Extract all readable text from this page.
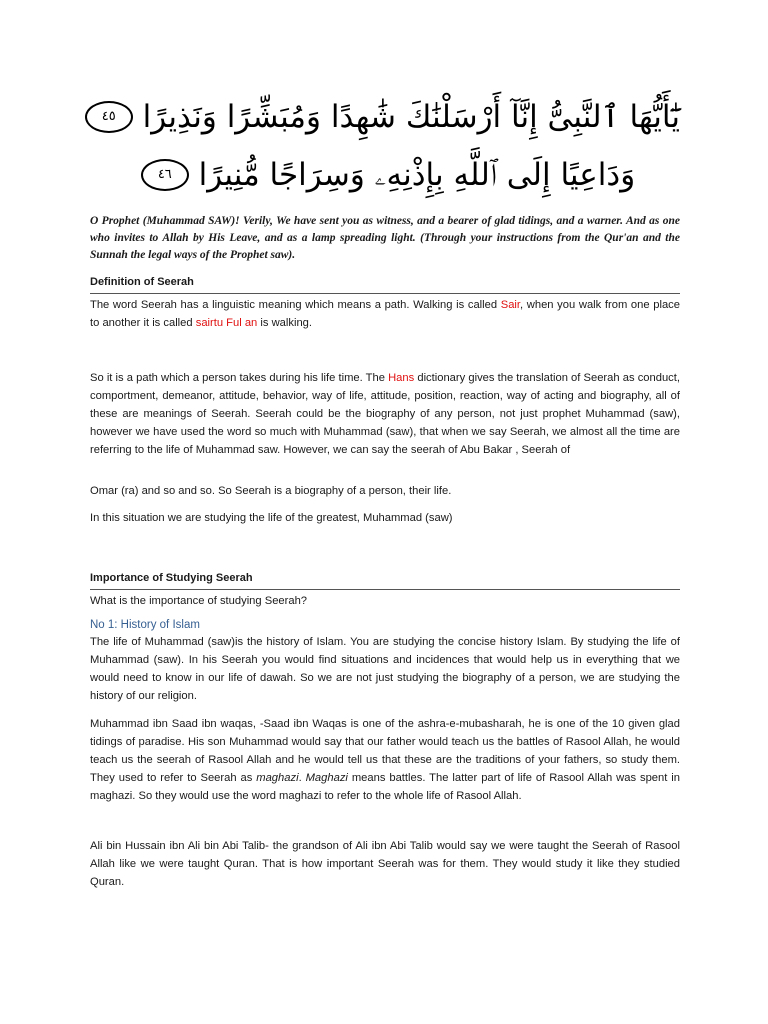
يَٰٓأَيُّهَا ٱلنَّبِىُّ إِنَّآ أَرْسَلْنَٰكَ شَٰهِدًا وَمُبَشِّرًا وَنَذِيرًا ٤٥
وَدَاعِيًا إِلَى ٱللَّهِ بِإِذْنِهِۦ وَسِرَاجًا مُّنِيرًا ٤٦

O Prophet (Muhammad SAW)! Verily, We have sent you as witness, and a bearer of glad tidings, and a warner. And as one who invites to Allah by His Leave, and as a lamp spreading light. (Through your instructions from the Qur'an and the Sunnah the legal ways of the Prophet saw).

Definition of Seerah

The word Seerah has a linguistic meaning which means a path. Walking is called Sair, when you walk from one place to another it is called sairtu Ful an is walking.

So it is a path which a person takes during his life time. The Hans dictionary gives the translation of Seerah as conduct, comportment, demeanor, attitude, behavior, way of life, attitude, position, reaction, way of acting and biography, all of these are meanings of Seerah. Seerah could be the biography of any person, not just prophet Muhammad (saw), however we have used the word so much with Muhammad (saw), that when we say Seerah, we almost all the time are referring to the life of Muhammad saw. However, we can say the seerah of Abu Bakar , Seerah of

Omar (ra) and so and so. So Seerah is a biography of a person, their life.

In this situation we are studying the life of the greatest, Muhammad (saw)

Importance of Studying Seerah

What is the importance of studying Seerah?

No 1: History of Islam

The life of Muhammad (saw)is the history of Islam. You are studying the concise history Islam. By studying the life of Muhammad (saw). In his Seerah you would find situations and incidences that would help us in everything that we would need to know in our life of dawah. So we are not just studying the biography of a person, we are studying the history of our religion.

Muhammad ibn Saad ibn waqas, -Saad ibn Waqas is one of the ashra-e-mubasharah, he is one of the 10 given glad tidings of paradise. His son Muhammad would say that our father would teach us the battles of Rasool Allah, he would teach us the seerah of Rasool Allah and he would tell us that these are the traditions of your fathers, so study them. They used to refer to Seerah as maghazi. Maghazi means battles. The latter part of life of Rasool Allah was spent in maghazi. So they would use the word maghazi to refer to the whole life of Rasool Allah.

Ali bin Hussain ibn Ali bin Abi Talib- the grandson of Ali ibn Abi Talib would say we were taught the Seerah of Rasool Allah like we were taught Quran. That is how important Seerah was for them. They would study it like they studied Quran.
